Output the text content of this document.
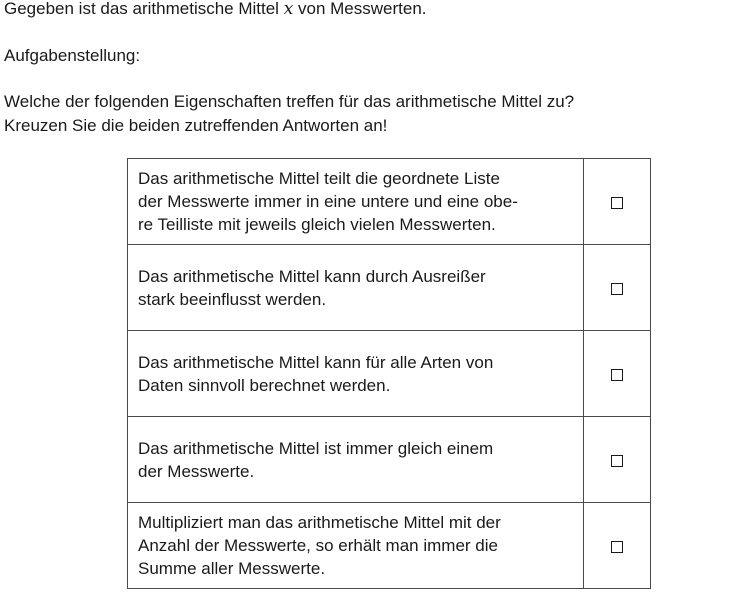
Gegeben ist das arithmetische Mittel $\overline{x}$ von Messwerten.
Aufgabenstellung:
Welche der folgenden Eigenschaften treffen für das arithmetische Mittel zu?
Kreuzen Sie die beiden zutreffenden Antworten an!
Das arithmetische Mittel teilt die geordnete Liste
der Messwerte immer in eine untere und eine obe-
re Teilliste mit jeweils gleich vielen Messwerten.	

Das arithmetische Mittel kann durch Ausreißer
stark beeinflusst werden.	

Das arithmetische Mittel kann für alle Arten von
Daten sinnvoll berechnet werden.	

Das arithmetische Mittel ist immer gleich einem
der Messwerte.	

Multipliziert man das arithmetische Mittel mit der
Anzahl der Messwerte, so erhält man immer die
Summe aller Messwerte.	
